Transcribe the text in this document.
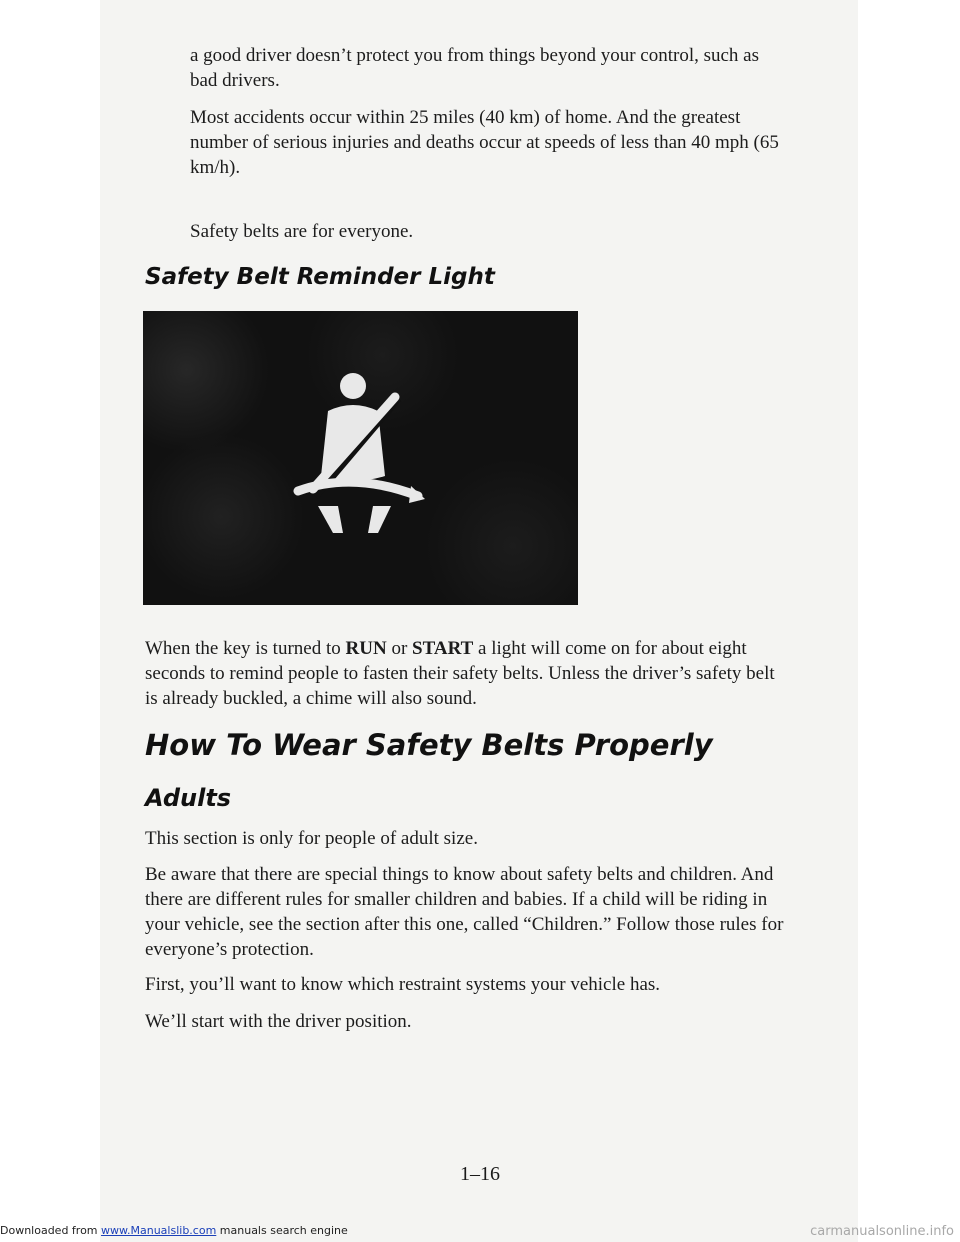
a good driver doesn’t protect you from things beyond your control, such as bad drivers.

Most accidents occur within 25 miles (40 km) of home. And the greatest number of serious injuries and deaths occur at speeds of less than 40 mph (65 km/h).

Safety belts are for everyone.

Safety Belt Reminder Light

When the key is turned to RUN or START a light will come on for about eight seconds to remind people to fasten their safety belts. Unless the driver’s safety belt is already buckled, a chime will also sound.

How To Wear Safety Belts Properly
Adults

This section is only for people of adult size.

Be aware that there are special things to know about safety belts and children. And there are different rules for smaller children and babies. If a child will be riding in your vehicle, see the section after this one, called “Children.” Follow those rules for everyone’s protection.

First, you’ll want to know which restraint systems your vehicle has.

We’ll start with the driver position.

1–16
Downloaded from www.Manualslib.com manuals search engine	carmanualsonline.info
